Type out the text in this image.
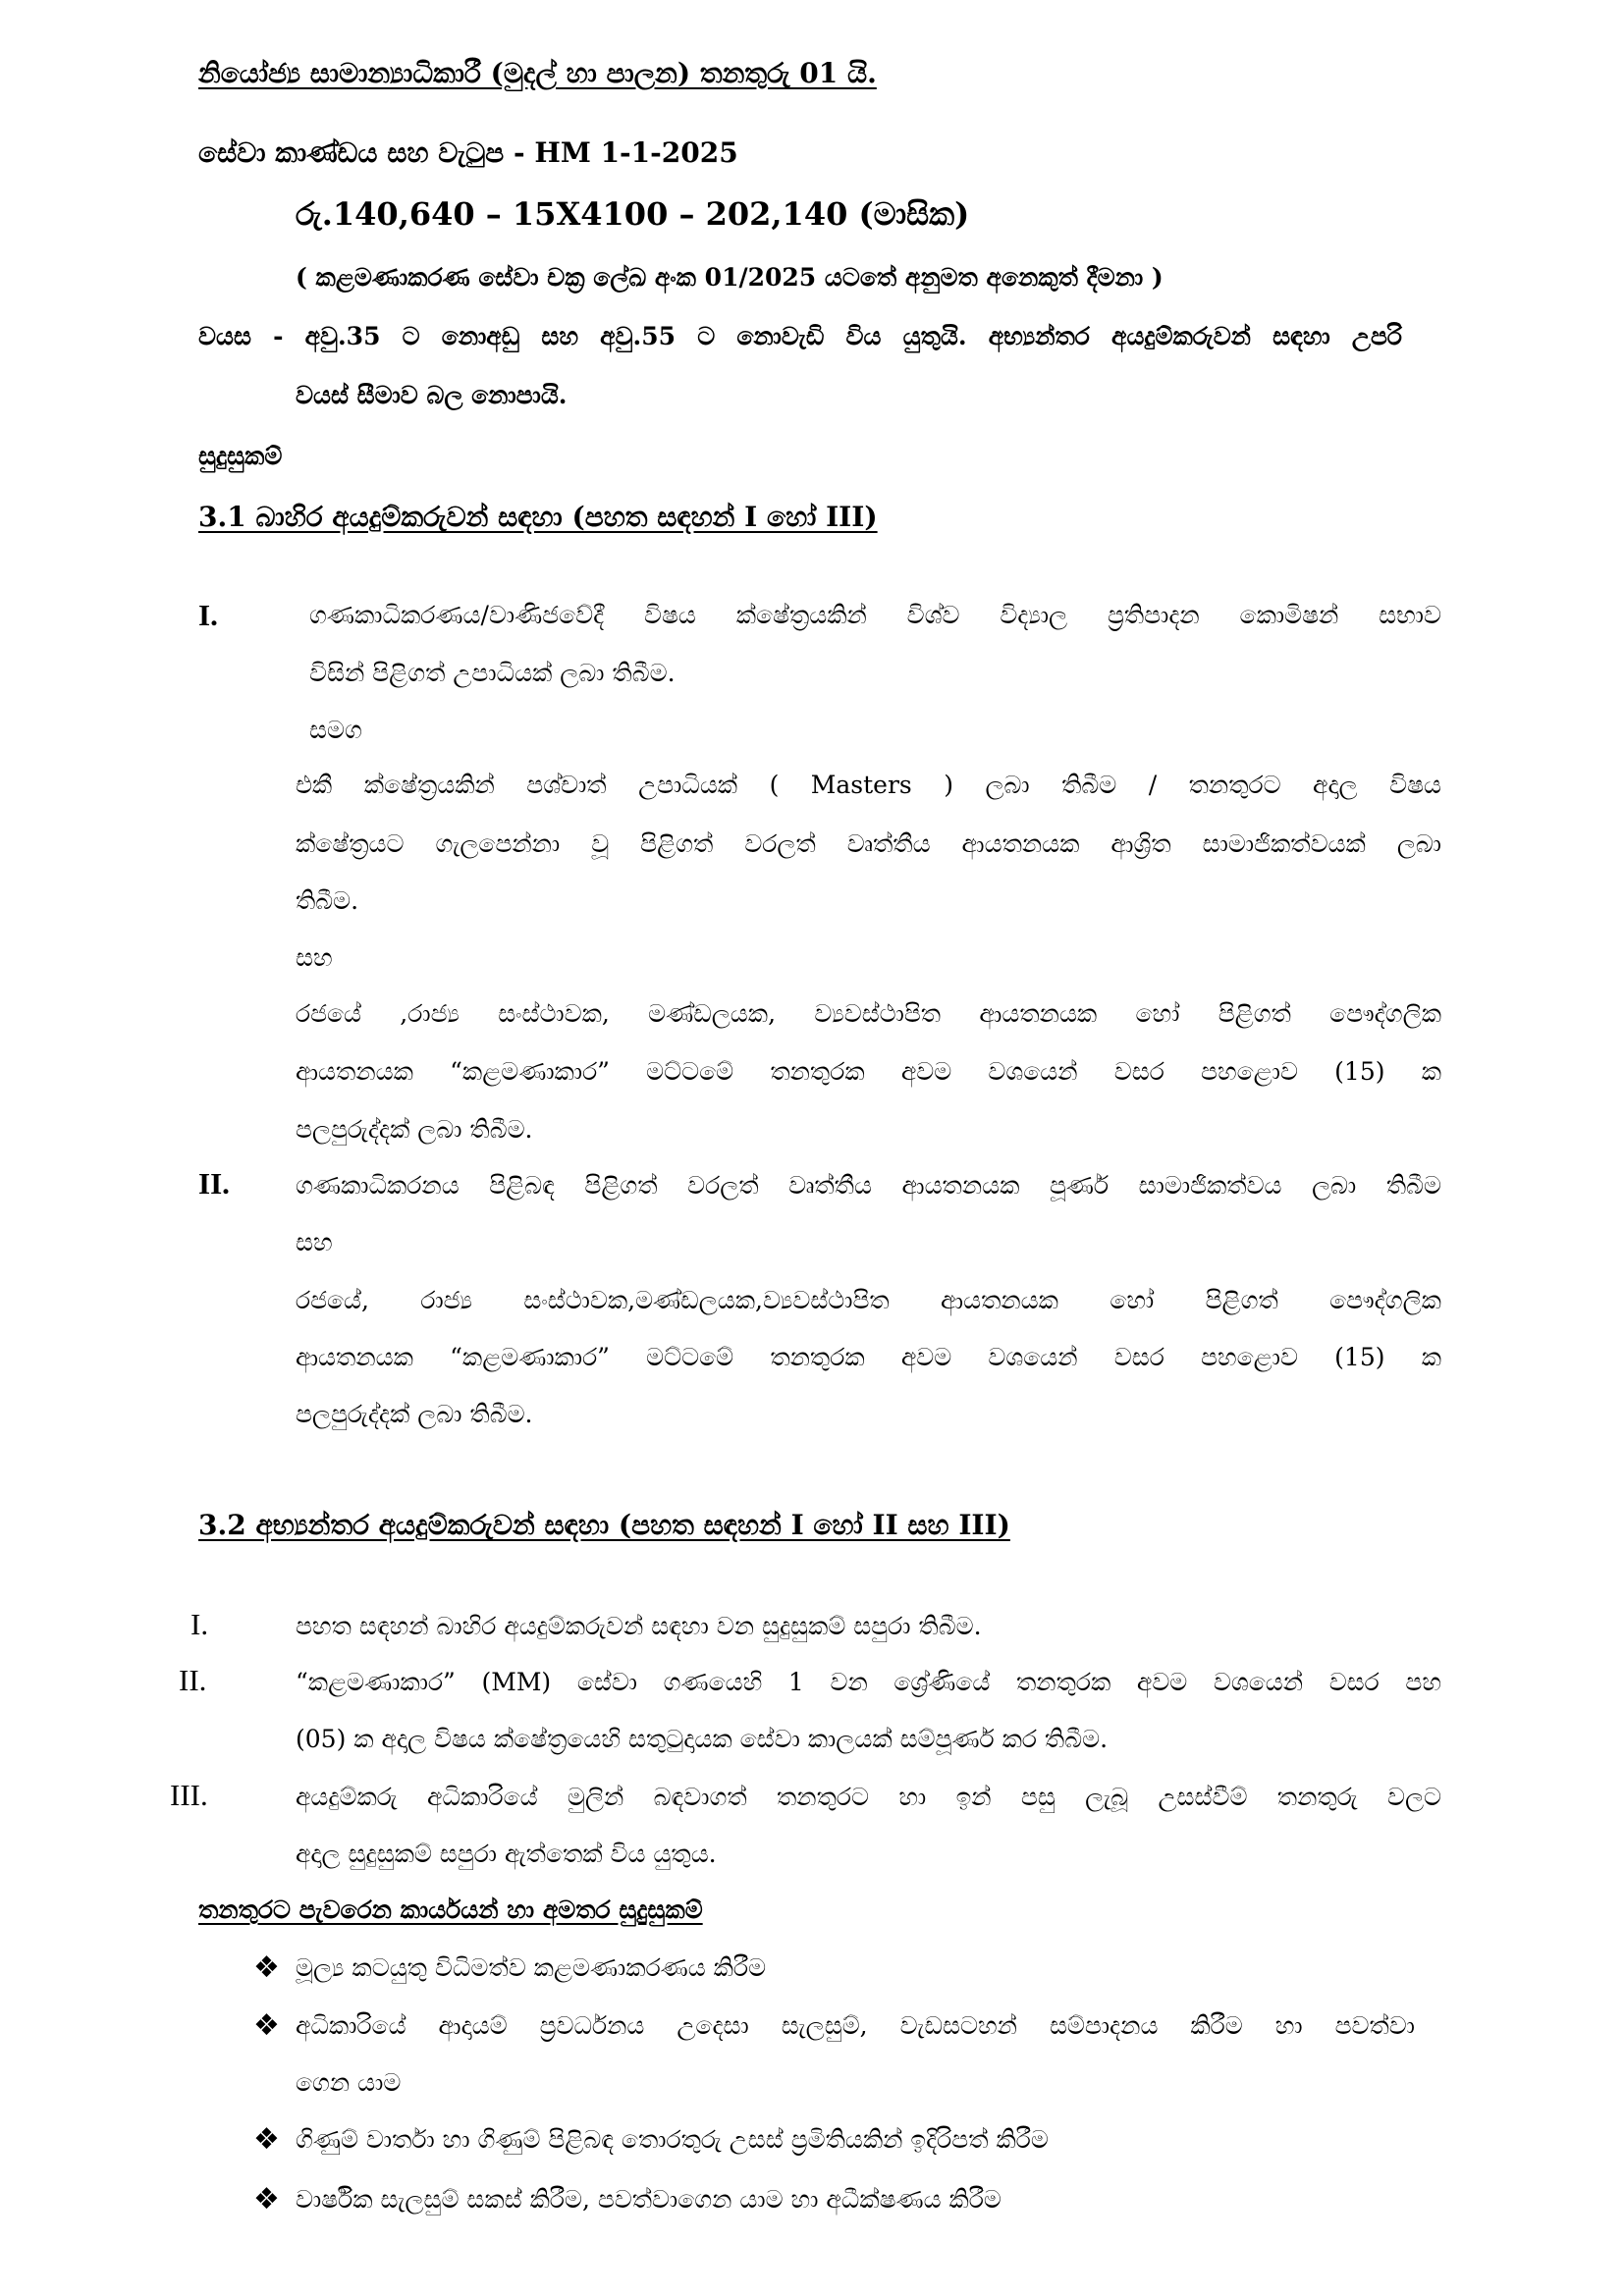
නියෝජ්‍ය සාමාන්‍යාධිකාරී (මුදල් හා පාලන) තනතුරු 01 යි.
සේවා කාණ්ඩය සහ වැටුප - HM 1-1-2025
රු.140,640 – 15X4100 – 202,140 (මාසික)
( කළමණාකරණ සේවා චක්‍ර ලේඛ අංක 01/2025 යටතේ අනුමත අනෙකුත් දීමනා )
වයස - අවු.35 ට නොඅඩු සහ අවු.55 ට නොවැඩි විය යුතුයි. අභ්‍යන්තර අයදුම්කරුවන් සඳහා උපරි
වයස් සීමාව බල නොපායි.
සුදුසුකම්
3.1 බාහිර අයදුම්කරුවන් සඳහා (පහත සඳහන් I හෝ III)
I.	ගණකාධිකරණය/වාණිජවේදී විෂය ක්ෂේත්‍රයකින් විශ්ව විද්‍යාල ප්‍රතිපාදන කොමිෂන් සභාව
විසින් පිළිගත් උපාධියක් ලබා තිබීම.
සමග
එකී ක්ෂේත්‍රයකින් පශ්චාත් උපාධියක් ( Masters ) ලබා තිබීම / තනතුරට අදාල විෂය
ක්ෂේත්‍රයට ගැලපෙන්නා වූ පිළිගත් වරලත් වෘත්තීය ආයතනයක ආශ්‍රිත සාමාජිකත්වයක් ලබා
තිබීම.
සහ
රජයේ ,රාජ්‍ය සංස්ථාවක, මණ්ඩලයක, ව්‍යවස්ථාපිත ආයතනයක හෝ පිළිගත් පෞද්ගලික
ආයතනයක “කළමණාකාර” මට්ටමේ තනතුරක අවම වශයෙන් වසර පහළොව (15) ක
පලපුරුද්දක් ලබා තිබීම.
II.	ගණකාධිකරනය පිළිබඳ පිළිගත් වරලත් වෘත්තීය ආයතනයක පූර්ණ සාමාජිකත්වය ලබා තිබීම
සහ
රජයේ, රාජ්‍ය සංස්ථාවක,මණ්ඩලයක,ව්‍යවස්ථාපිත ආයතනයක හෝ පිළිගත් පෞද්ගලික
ආයතනයක “කළමණාකාර” මට්ටමේ තනතුරක අවම වශයෙන් වසර පහළොව (15) ක
පලපුරුද්දක් ලබා තිබීම.
3.2 අභ්‍යන්තර අයදුම්කරුවන් සඳහා (පහත සඳහන් I හෝ II සහ III)
I.	පහත සඳහන් බාහිර අයදුම්කරුවන් සඳහා වන සුදුසුකම් සපුරා තිබීම.
II.	“කළමණාකාර” (MM) සේවා ගණයෙහි 1 වන ශ්‍රේණියේ තනතුරක අවම වශයෙන් වසර පහ
(05) ක අදාල විෂය ක්ෂේත්‍රයෙහි සතුටුදායක සේවා කාලයක් සම්පූර්ණ කර තිබීම.
III.	අයදුම්කරු අධිකාරියේ මුලින් බඳවාගත් තනතුරට හා ඉන් පසු ලැබූ උසස්වීම් තනතුරු වලට
අදාල සුදුසුකම් සපුරා ඇත්තෙක් විය යුතුය.
තනතුරට පැවරෙන කාර්යයන් හා අමතර සුදුසුකම්
❖ මූල්‍ය කටයුතු විධිමත්ව කළමණාකරණය කිරීම
❖ අධිකාරියේ ආදායම් ප්‍රවර්ධනය උදෙසා සැලසුම්, වැඩසටහන් සම්පාදනය කිරීම හා පවත්වා
ගෙන යාම
❖ ගිණුම් වාර්තා හා ගිණුම් පිළිබඳ තොරතුරු උසස් ප්‍රමිතියකින් ඉදිරිපත් කිරීම
❖ වාර්ෂික සැලසුම් සකස් කිරීම, පවත්වාගෙන යාම හා අධීක්ෂණය කිරීම
